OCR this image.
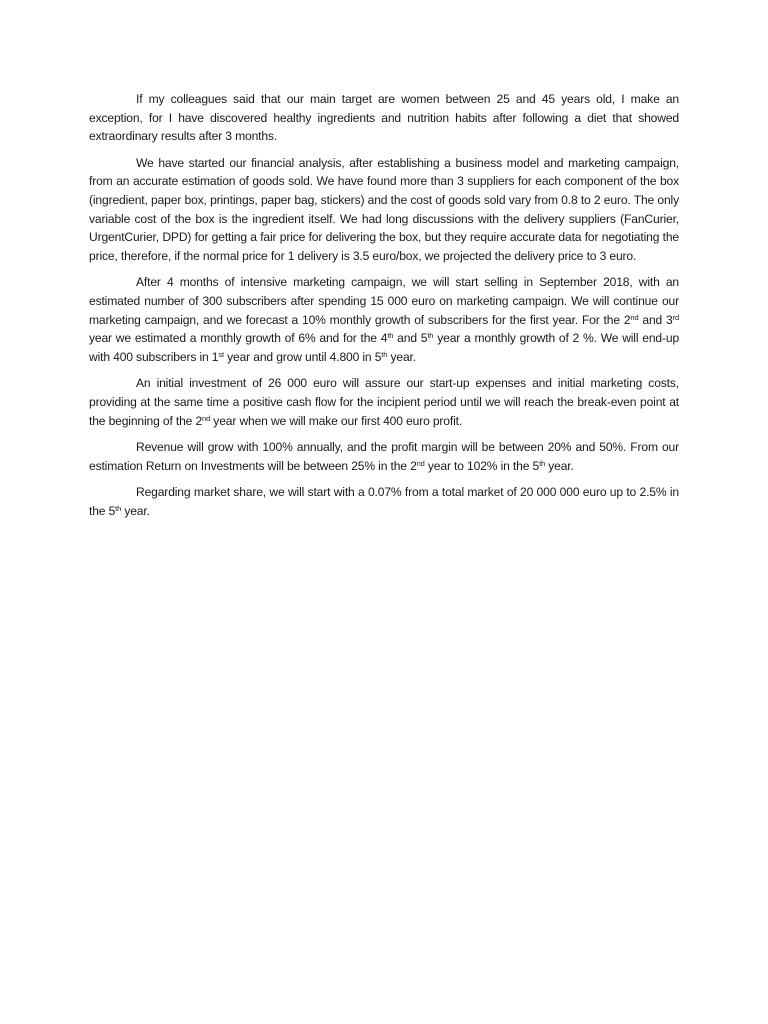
If my colleagues said that our main target are women between 25 and 45 years old, I make an exception, for I have discovered healthy ingredients and nutrition habits after following a diet that showed extraordinary results after 3 months.

We have started our financial analysis, after establishing a business model and marketing campaign, from an accurate estimation of goods sold. We have found more than 3 suppliers for each component of the box (ingredient, paper box, printings, paper bag, stickers) and the cost of goods sold vary from 0.8 to 2 euro. The only variable cost of the box is the ingredient itself. We had long discussions with the delivery suppliers (FanCurier, UrgentCurier, DPD) for getting a fair price for delivering the box, but they require accurate data for negotiating the price, therefore, if the normal price for 1 delivery is 3.5 euro/box, we projected the delivery price to 3 euro.

After 4 months of intensive marketing campaign, we will start selling in September 2018, with an estimated number of 300 subscribers after spending 15 000 euro on marketing campaign. We will continue our marketing campaign, and we forecast a 10% monthly growth of subscribers for the first year. For the 2nd and 3rd year we estimated a monthly growth of 6% and for the 4th and 5th year a monthly growth of 2 %. We will end-up with 400 subscribers in 1st year and grow until 4.800 in 5th year.

An initial investment of 26 000 euro will assure our start-up expenses and initial marketing costs, providing at the same time a positive cash flow for the incipient period until we will reach the break-even point at the beginning of the 2nd year when we will make our first 400 euro profit.

Revenue will grow with 100% annually, and the profit margin will be between 20% and 50%. From our estimation Return on Investments will be between 25% in the 2nd year to 102% in the 5th year.

Regarding market share, we will start with a 0.07% from a total market of 20 000 000 euro up to 2.5% in the 5th year.
